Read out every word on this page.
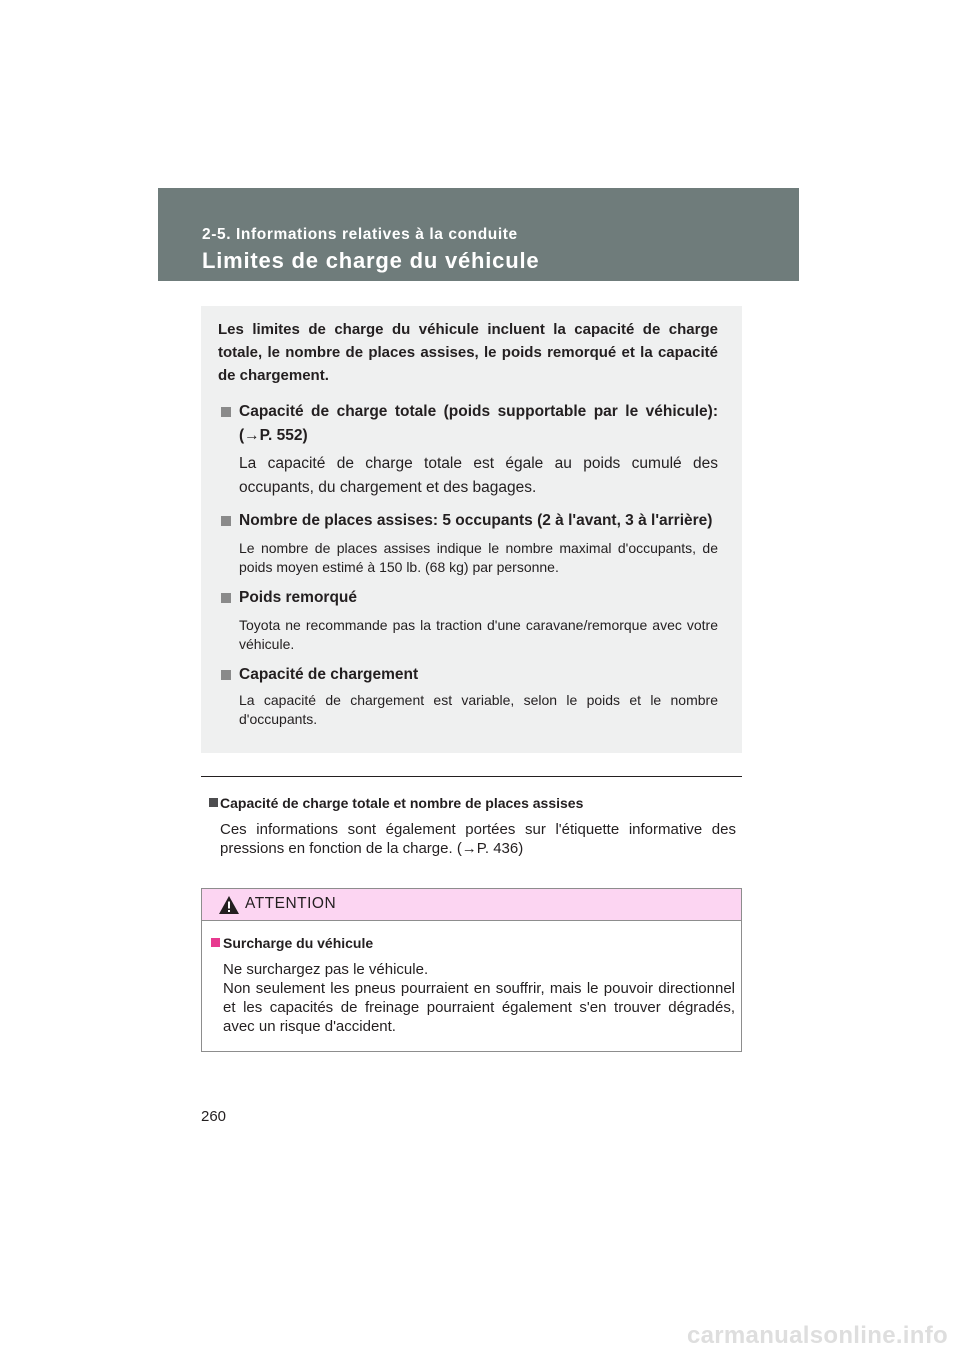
2-5. Informations relatives à la conduite
Limites de charge du véhicule

Les limites de charge du véhicule incluent la capacité de charge totale, le nombre de places assises, le poids remorqué et la capacité de chargement.

Capacité de charge totale (poids supportable par le véhicule): (→P. 552)
La capacité de charge totale est égale au poids cumulé des occupants, du chargement et des bagages.
Nombre de places assises: 5 occupants (2 à l'avant, 3 à l'arrière)
Le nombre de places assises indique le nombre maximal d'occupants, de poids moyen estimé à 150 lb. (68 kg) par personne.
Poids remorqué
Toyota ne recommande pas la traction d'une caravane/remorque avec votre véhicule.
Capacité de chargement
La capacité de chargement est variable, selon le poids et le nombre d'occupants.
Capacité de charge totale et nombre de places assises
Ces informations sont également portées sur l'étiquette informative des pressions en fonction de la charge. (→P. 436)
ATTENTION
Surcharge du véhicule
Ne surchargez pas le véhicule.
Non seulement les pneus pourraient en souffrir, mais le pouvoir directionnel et les capacités de freinage pourraient également s'en trouver dégradés, avec un risque d'accident.
260
carmanualsonline.info
